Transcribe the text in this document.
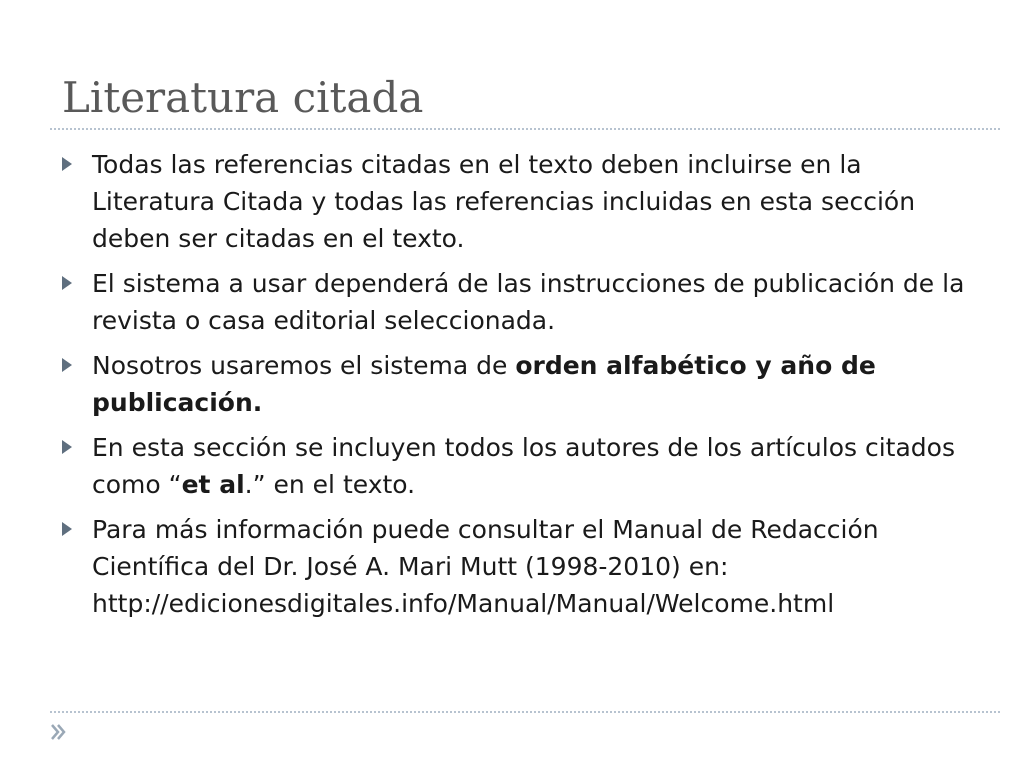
Literatura citada
Todas las referencias citadas en el texto deben incluirse en la Literatura Citada y todas las referencias incluidas en esta sección deben ser citadas en el texto.
El sistema a usar dependerá de las instrucciones de publicación de la revista o casa editorial seleccionada.
Nosotros usaremos el sistema de orden alfabético y año de publicación.
En esta sección se incluyen todos los autores de los artículos citados como “et al.” en el texto.
Para más información puede consultar el Manual de Redacción Científica del Dr. José A. Mari Mutt (1998-2010) en: http://edicionesdigitales.info/Manual/Manual/Welcome.html
